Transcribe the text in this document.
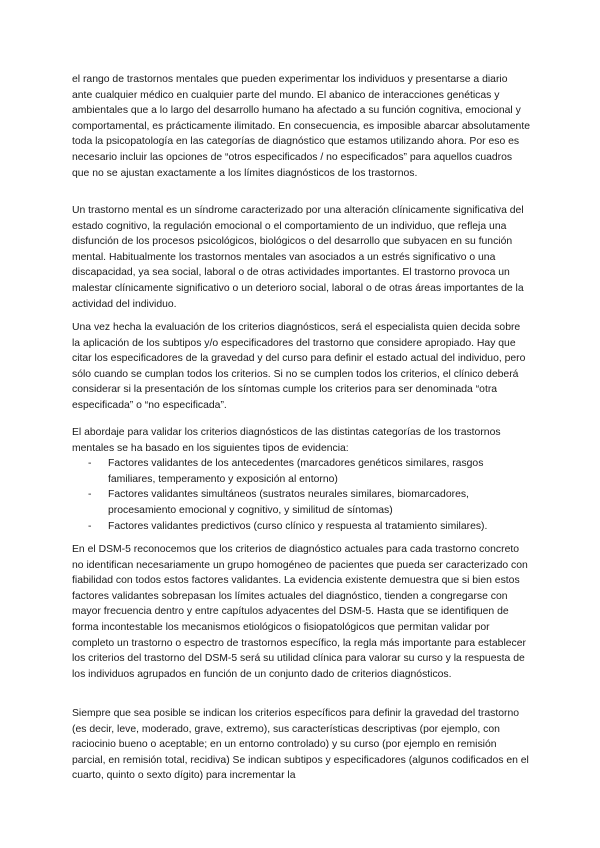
el rango de trastornos mentales que pueden experimentar los individuos y presentarse a diario ante cualquier médico en cualquier parte del mundo. El abanico de interacciones genéticas y ambientales que a lo largo del desarrollo humano ha afectado a su función cognitiva, emocional y comportamental, es prácticamente ilimitado. En consecuencia, es imposible abarcar absolutamente toda la psicopatología en las categorías de diagnóstico que estamos utilizando ahora. Por eso es necesario incluir las opciones de “otros especificados / no especificados” para aquellos cuadros que no se ajustan exactamente a los límites diagnósticos de los trastornos.

Un trastorno mental es un síndrome caracterizado por una alteración clínicamente significativa del estado cognitivo, la regulación emocional o el comportamiento de un individuo, que refleja una disfunción de los procesos psicológicos, biológicos o del desarrollo que subyacen en su función mental. Habitualmente los trastornos mentales van asociados a un estrés significativo o una discapacidad, ya sea social, laboral o de otras actividades importantes. El trastorno provoca un malestar clínicamente significativo o un deterioro social, laboral o de otras áreas importantes de la actividad del individuo.

Una vez hecha la evaluación de los criterios diagnósticos, será el especialista quien decida sobre la aplicación de los subtipos y/o especificadores del trastorno que considere apropiado. Hay que citar los especificadores de la gravedad y del curso para definir el estado actual del individuo, pero sólo cuando se cumplan todos los criterios. Si no se cumplen todos los criterios, el clínico deberá considerar si la presentación de los síntomas cumple los criterios para ser denominada “otra especificada” o “no especificada”.

El abordaje para validar los criterios diagnósticos de las distintas categorías de los trastornos mentales se ha basado en los siguientes tipos de evidencia:
- Factores validantes de los antecedentes (marcadores genéticos similares, rasgos familiares, temperamento y exposición al entorno)
- Factores validantes simultáneos (sustratos neurales similares, biomarcadores, procesamiento emocional y cognitivo, y similitud de síntomas)
- Factores validantes predictivos (curso clínico y respuesta al tratamiento similares).

En el DSM-5 reconocemos que los criterios de diagnóstico actuales para cada trastorno concreto no identifican necesariamente un grupo homogéneo de pacientes que pueda ser caracterizado con fiabilidad con todos estos factores validantes. La evidencia existente demuestra que si bien estos factores validantes sobrepasan los límites actuales del diagnóstico, tienden a congregarse con mayor frecuencia dentro y entre capítulos adyacentes del DSM-5. Hasta que se identifiquen de forma incontestable los mecanismos etiológicos o fisiopatológicos que permitan validar por completo un trastorno o espectro de trastornos específico, la regla más importante para establecer los criterios del trastorno del DSM-5 será su utilidad clínica para valorar su curso y la respuesta de los individuos agrupados en función de un conjunto dado de criterios diagnósticos.

Siempre que sea posible se indican los criterios específicos para definir la gravedad del trastorno (es decir, leve, moderado, grave, extremo), sus características descriptivas (por ejemplo, con raciocinio bueno o aceptable; en un entorno controlado) y su curso (por ejemplo en remisión parcial, en remisión total, recidiva) Se indican subtipos y especificadores (algunos codificados en el cuarto, quinto o sexto dígito) para incrementar la
